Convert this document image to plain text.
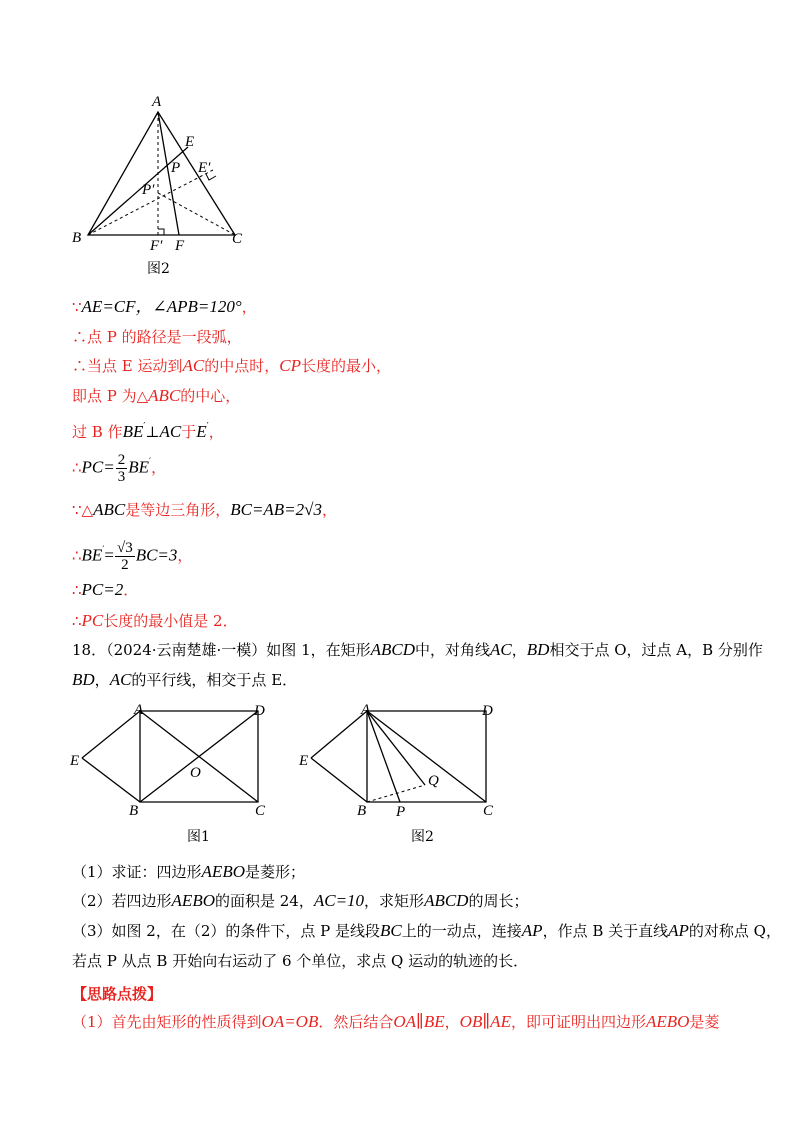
A
B	C
E
E′
P
P′
F′ F
图2
∵AE=CF，∠APB=120°，
∴点 P 的路径是一段弧，
∴当点 E 运动到AC的中点时，CP长度的最小，
即点 P 为△ABC的中心，
过 B 作BE′⊥AC于E′，
∴PC= $\frac{2}{3} BE'$，
∵△ABC是等边三角形，BC=AB=2√3，
∴BE′= $\frac{√3}{2} BC=3$，
∴PC=2．
∴PC长度的最小值是 2．
18．（2024·云南楚雄·一模）如图 1，在矩形ABCD中，对角线AC，BD相交于点 O，过点 A，B 分别作
BD，AC的平行线，相交于点 E．
A	D
E
O
B	C
图1
A	D
E
Q
B P	C
图2
（1）求证：四边形AEBO是菱形；
（2）若四边形AEBO的面积是 24，AC=10，求矩形ABCD的周长；
（3）如图 2，在（2）的条件下，点 P 是线段BC上的一动点，连接AP，作点 B 关于直线AP的对称点 Q，
若点 P 从点 B 开始向右运动了 6 个单位，求点 Q 运动的轨迹的长．
【思路点拨】
（1）首先由矩形的性质得到OA=OB．然后结合OA∥BE，OB∥AE，即可证明出四边形AEBO是菱
